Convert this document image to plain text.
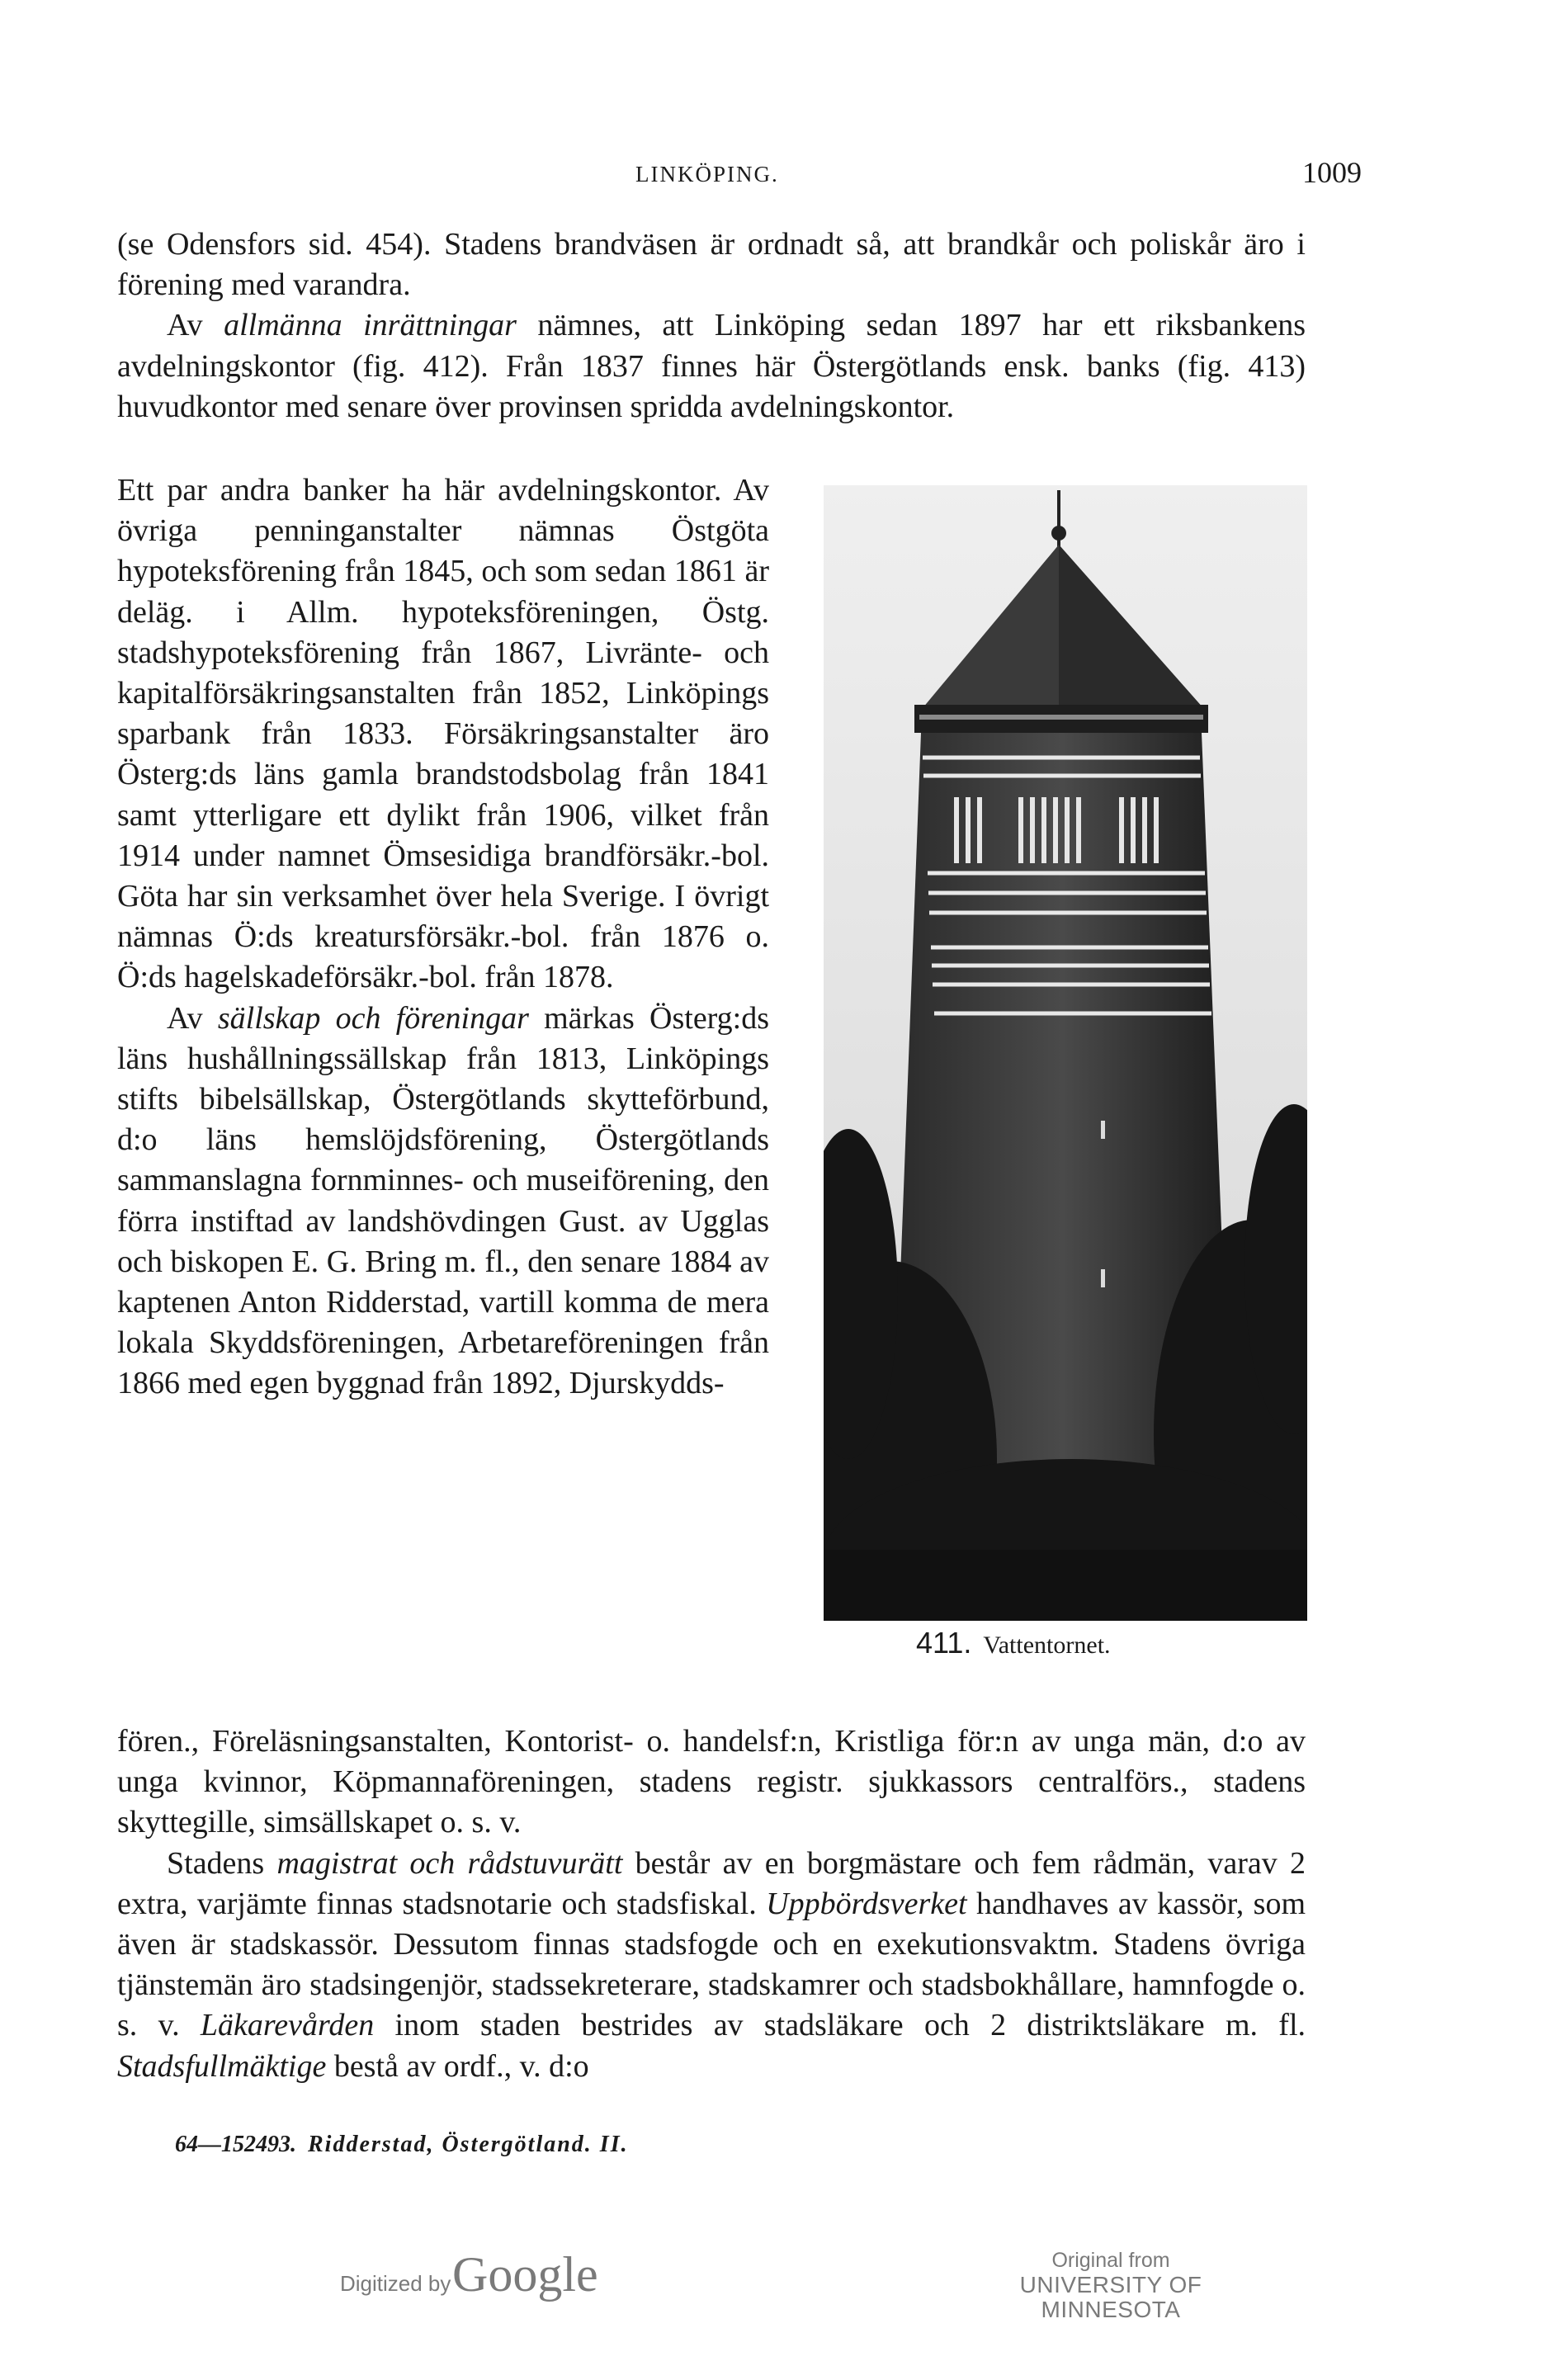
LINKÖPING.	1009

(se Odensfors sid. 454). Stadens brandväsen är ordnadt så, att brandkår och poliskår äro i förening med varandra.

Av allmänna inrättningar nämnes, att Linköping sedan 1897 har ett riksbankens avdelningskontor (fig. 412). Från 1837 finnes här Östergötlands ensk. banks (fig. 413) huvudkontor med senare över provinsen spridda avdelningskontor.

Ett par andra banker ha här avdelningskontor. Av övriga penninganstalter nämnas Östgöta hypoteksförening från 1845, och som sedan 1861 är deläg. i Allm. hypoteksföreningen, Östg. stadshypoteksförening från 1867, Livränte- och kapitalförsäkringsanstalten från 1852, Linköpings sparbank från 1833. Försäkringsanstalter äro Österg:ds läns gamla brandstodsbolag från 1841 samt ytterligare ett dylikt från 1906, vilket från 1914 under namnet Ömsesidiga brandförsäkr.-bol. Göta har sin verksamhet över hela Sverige. I övrigt nämnas Ö:ds kreatursförsäkr.-bol. från 1876 o. Ö:ds hagelskadeförsäkr.-bol. från 1878.

Av sällskap och föreningar märkas Österg:ds läns hushållningssällskap från 1813, Linköpings stifts bibelsällskap, Östergötlands skytteförbund, d:o läns hemslöjdsförening, Östergötlands sammanslagna fornminnes- och museiförening, den förra instiftad av landshövdingen Gust. av Ugglas och biskopen E. G. Bring m. fl., den senare 1884 av kaptenen Anton Ridderstad, vartill komma de mera lokala Skyddsföreningen, Arbetareföreningen från 1866 med egen byggnad från 1892, Djurskydds-

411. Vattentornet.

fören., Föreläsningsanstalten, Kontorist- o. handelsf:n, Kristliga för:n av unga män, d:o av unga kvinnor, Köpmannaföreningen, stadens registr. sjukkassors centralförs., stadens skyttegille, simsällskapet o. s. v.

Stadens magistrat och rådstuvurätt består av en borgmästare och fem rådmän, varav 2 extra, varjämte finnas stadsnotarie och stadsfiskal. Uppbördsverket handhaves av kassör, som även är stadskassör. Dessutom finnas stadsfogde och en exekutionsvaktm. Stadens övriga tjänstemän äro stadsingenjör, stadssekreterare, stadskamrer och stadsbokhållare, hamnfogde o. s. v. Läkarevården inom staden bestrides av stadsläkare och 2 distriktsläkare m. fl. Stadsfullmäktige bestå av ordf., v. d:o

64—152493. Ridderstad, Östergötland. II.
Digitized by Google	Original from
UNIVERSITY OF MINNESOTA
